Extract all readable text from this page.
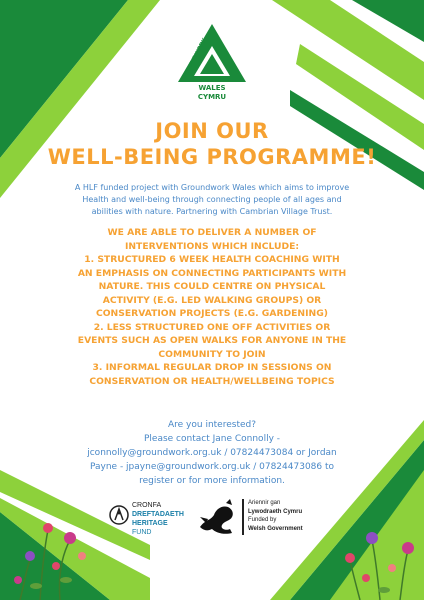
WALES
CYMRU
JOIN OUR
WELL-BEING PROGRAMME!
A HLF funded project with Groundwork Wales which aims to improve
Health and well-being through connecting people of all ages and
abilities with nature. Partnering with Cambrian Village Trust.
WE ARE ABLE TO DELIVER A NUMBER OF
INTERVENTIONS WHICH INCLUDE:
1. STRUCTURED 6 WEEK HEALTH COACHING WITH
AN EMPHASIS ON CONNECTING PARTICIPANTS WITH
NATURE. THIS COULD CENTRE ON PHYSICAL
ACTIVITY (E.G. LED WALKING GROUPS) OR
CONSERVATION PROJECTS (E.G. GARDENING)
2. LESS STRUCTURED ONE OFF ACTIVITIES OR
EVENTS SUCH AS OPEN WALKS FOR ANYONE IN THE
COMMUNITY TO JOIN
3. INFORMAL REGULAR DROP IN SESSIONS ON
CONSERVATION OR HEALTH/WELLBEING TOPICS
Are you interested?
Please contact Jane Connolly -
jconnolly@groundwork.org.uk / 07824473084 or Jordan
Payne - jpayne@groundwork.org.uk / 07824473086 to
register or for more information.
CRONFA
DREFTADAETH
HERITAGE
FUND
Ariennir gan
Lywodraeth Cymru
Funded by
Welsh Government
GROUNDWORK
